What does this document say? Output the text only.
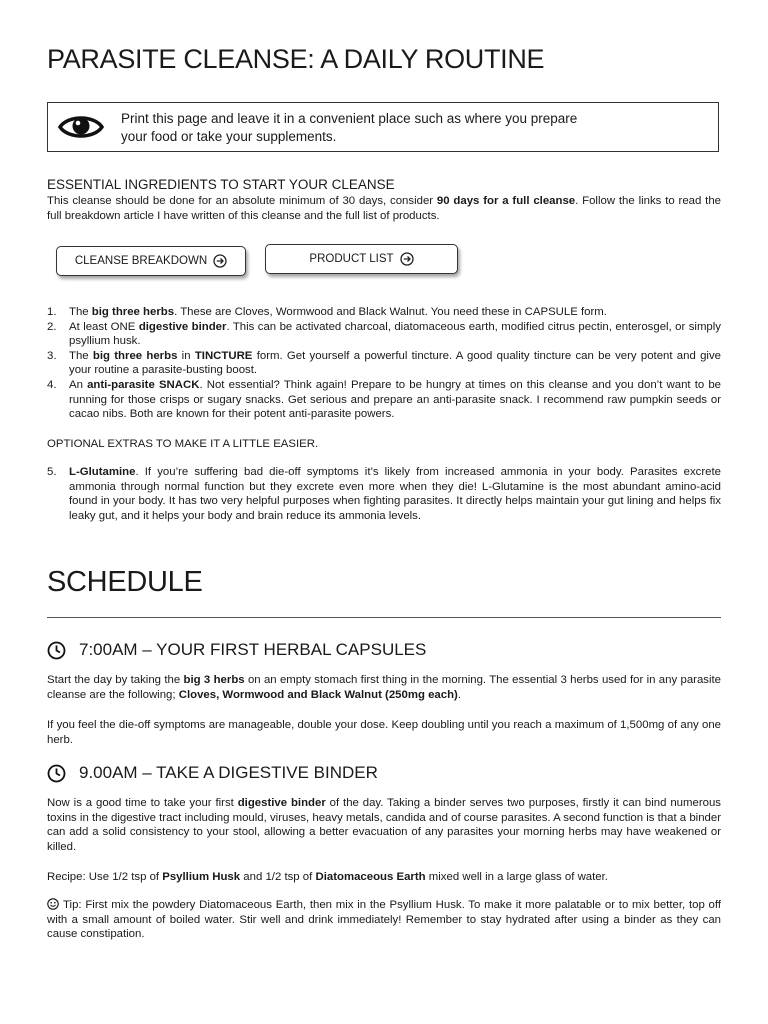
PARASITE CLEANSE: A DAILY ROUTINE
Print this page and leave it in a convenient place such as where you prepare
your food or take your supplements.
ESSENTIAL INGREDIENTS TO START YOUR CLEANSE
This cleanse should be done for an absolute minimum of 30 days, consider 90 days for a full cleanse. Follow the links to read the full breakdown article I have written of this cleanse and the full list of products.
CLEANSE BREAKDOWN	PRODUCT LIST
1. The big three herbs. These are Cloves, Wormwood and Black Walnut. You need these in CAPSULE form.
2. At least ONE digestive binder. This can be activated charcoal, diatomaceous earth, modified citrus pectin, enterosgel, or simply psyllium husk.
3. The big three herbs in TINCTURE form. Get yourself a powerful tincture. A good quality tincture can be very potent and give your routine a parasite-busting boost.
4. An anti-parasite SNACK. Not essential? Think again! Prepare to be hungry at times on this cleanse and you don’t want to be running for those crisps or sugary snacks. Get serious and prepare an anti-parasite snack. I recommend raw pumpkin seeds or cacao nibs. Both are known for their potent anti-parasite powers.
OPTIONAL EXTRAS TO MAKE IT A LITTLE EASIER.
5. L-Glutamine. If you’re suffering bad die-off symptoms it’s likely from increased ammonia in your body. Parasites excrete ammonia through normal function but they excrete even more when they die! L-Glutamine is the most abundant amino-acid found in your body. It has two very helpful purposes when fighting parasites. It directly helps maintain your gut lining and helps fix leaky gut, and it helps your body and brain reduce its ammonia levels.
SCHEDULE
7:00AM – YOUR FIRST HERBAL CAPSULES
Start the day by taking the big 3 herbs on an empty stomach first thing in the morning. The essential 3 herbs used for in any parasite cleanse are the following; Cloves, Wormwood and Black Walnut (250mg each).
If you feel the die-off symptoms are manageable, double your dose. Keep doubling until you reach a maximum of 1,500mg of any one herb.
9.00AM – TAKE A DIGESTIVE BINDER
Now is a good time to take your first digestive binder of the day. Taking a binder serves two purposes, firstly it can bind numerous toxins in the digestive tract including mould, viruses, heavy metals, candida and of course parasites. A second function is that a binder can add a solid consistency to your stool, allowing a better evacuation of any parasites your morning herbs may have weakened or killed.
Recipe: Use 1/2 tsp of Psyllium Husk and 1/2 tsp of Diatomaceous Earth mixed well in a large glass of water.
Tip: First mix the powdery Diatomaceous Earth, then mix in the Psyllium Husk. To make it more palatable or to mix better, top off with a small amount of boiled water. Stir well and drink immediately! Remember to stay hydrated after using a binder as they can cause constipation.
